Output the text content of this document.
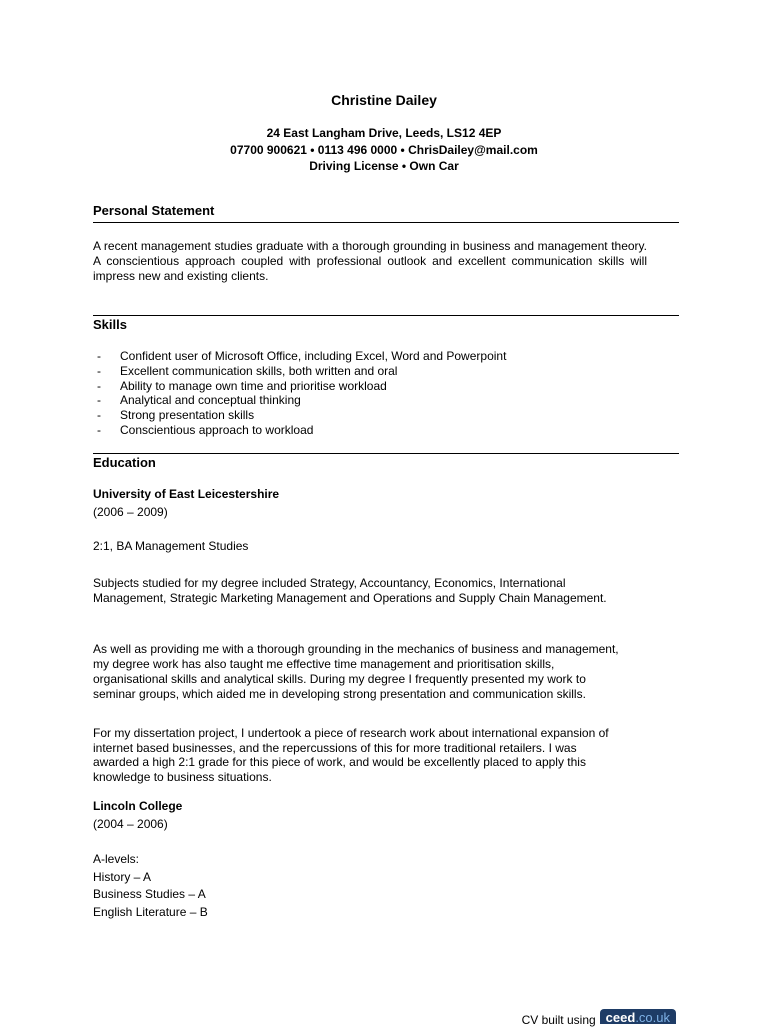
Christine Dailey
24 East Langham Drive, Leeds, LS12 4EP
07700 900621 • 0113 496 0000 • ChrisDailey@mail.com
Driving License • Own Car
Personal Statement
A recent management studies graduate with a thorough grounding in business and management theory. A conscientious approach coupled with professional outlook and excellent communication skills will impress new and existing clients.
Skills
- Confident user of Microsoft Office, including Excel, Word and Powerpoint
- Excellent communication skills, both written and oral
- Ability to manage own time and prioritise workload
- Analytical and conceptual thinking
- Strong presentation skills
- Conscientious approach to workload
Education
University of East Leicestershire
(2006 – 2009)
2:1, BA Management Studies
Subjects studied for my degree included Strategy, Accountancy, Economics, International Management, Strategic Marketing Management and Operations and Supply Chain Management.
As well as providing me with a thorough grounding in the mechanics of business and management,
my degree work has also taught me effective time management and prioritisation skills,
organisational skills and analytical skills. During my degree I frequently presented my work to
seminar groups, which aided me in developing strong presentation and communication skills.
For my dissertation project, I undertook a piece of research work about international expansion of
internet based businesses, and the repercussions of this for more traditional retailers. I was
awarded a high 2:1 grade for this piece of work, and would be excellently placed to apply this
knowledge to business situations.
Lincoln College
(2004 – 2006)
A-levels:
History – A
Business Studies – A
English Literature – B
CV built using ceed.co.uk
